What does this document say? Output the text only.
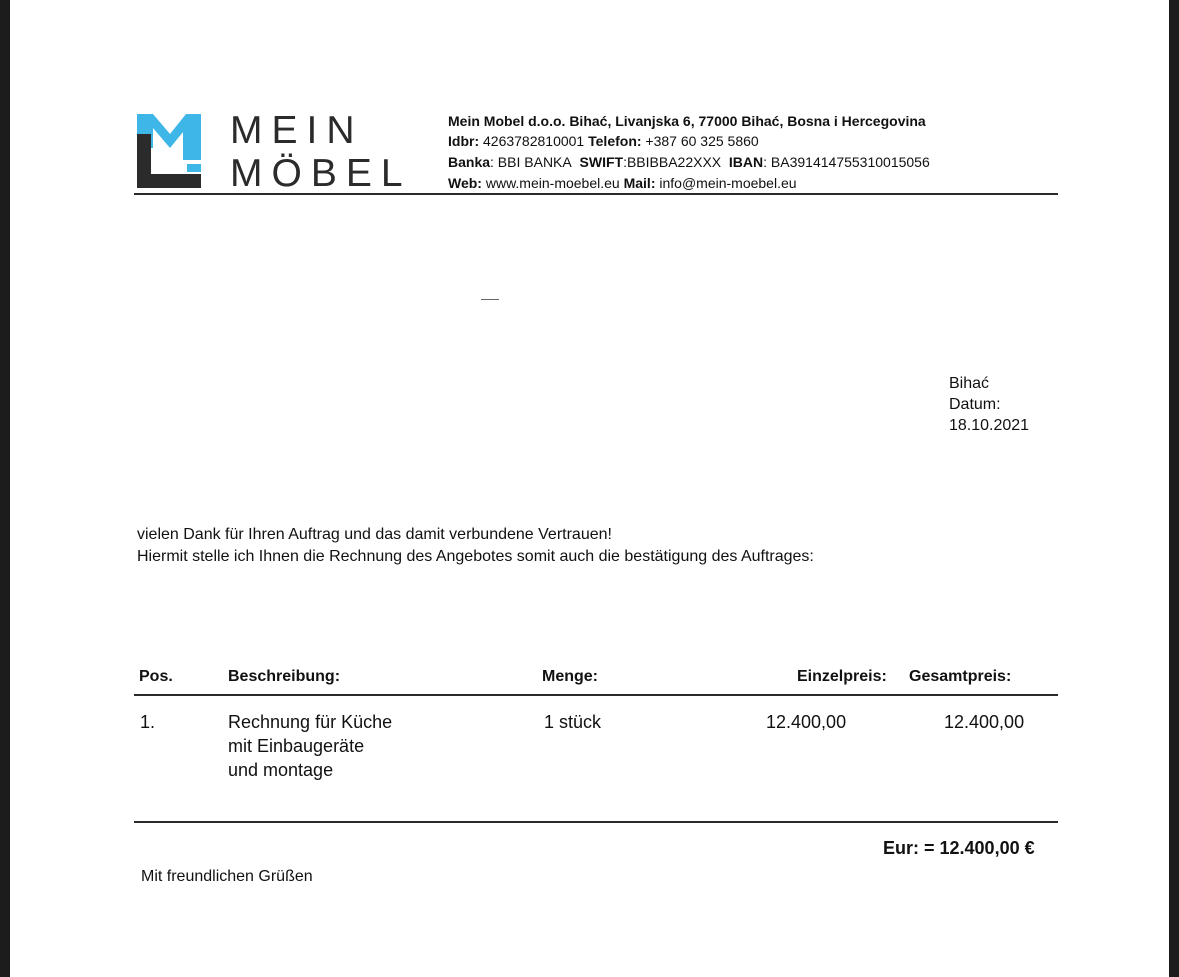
MEIN
MÖBEL
Mein Mobel d.o.o. Bihać, Livanjska 6, 77000 Bihać, Bosna i Hercegovina
Idbr: 4263782810001 Telefon: +387 60 325 5860
Banka: BBI BANKA SWIFT:BBIBBA22XXX IBAN: BA391414755310015056
Web: www.mein-moebel.eu Mail: info@mein-moebel.eu
Bihać
Datum:
18.10.2021
vielen Dank für Ihren Auftrag und das damit verbundene Vertrauen!
Hiermit stelle ich Ihnen die Rechnung des Angebotes somit auch die bestätigung des Auftrages:
Pos.	Beschreibung:	Menge:	Einzelpreis: Gesamtpreis:
1.	Rechnung für Küche
mit Einbaugeräte
und montage
1 stück	12.400,00	12.400,00
Eur: = 12.400,00 €
Mit freundlichen Grüßen
